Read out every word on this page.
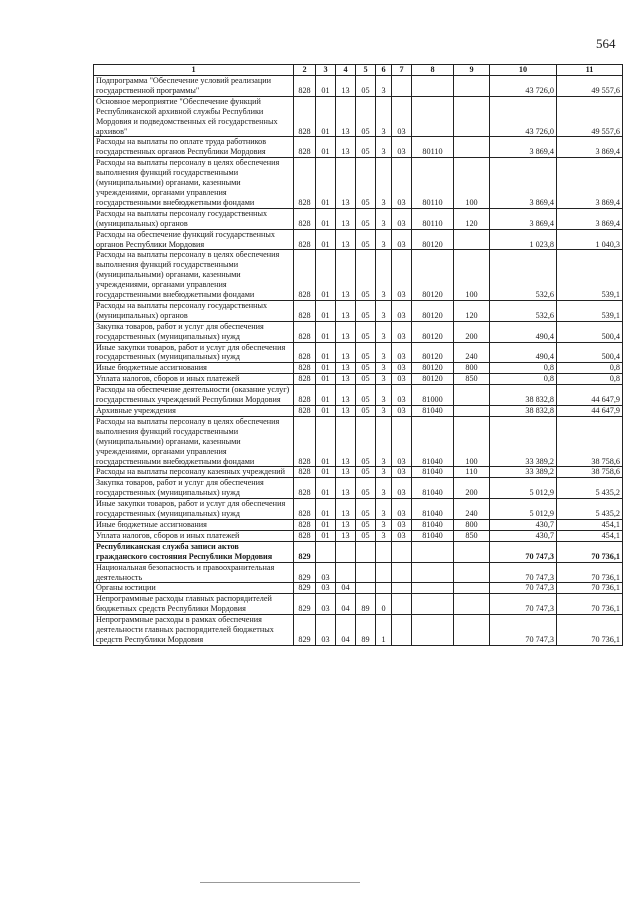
564
1	2	3	4	5	6	7	8	9	10	11
Подпрограмма "Обеспечение условий реализации государственной программы"	828	01	13	05	3				43 726,0	49 557,6
Основное мероприятие "Обеспечение функций Республиканской архивной службы Республики Мордовия и подведомственных ей государственных архивов"	828	01	13	05	3	03			43 726,0	49 557,6
Расходы на выплаты по оплате труда работников государственных органов Республики Мордовия	828	01	13	05	3	03	80110		3 869,4	3 869,4
Расходы на выплаты персоналу в целях обеспечения выполнения функций государственными (муниципальными) органами, казенными учреждениями, органами управления государственными внебюджетными фондами	828	01	13	05	3	03	80110	100	3 869,4	3 869,4
Расходы на выплаты персоналу государственных (муниципальных) органов	828	01	13	05	3	03	80110	120	3 869,4	3 869,4
Расходы на обеспечение функций государственных органов Республики Мордовия	828	01	13	05	3	03	80120		1 023,8	1 040,3
Расходы на выплаты персоналу в целях обеспечения выполнения функций государственными (муниципальными) органами, казенными учреждениями, органами управления государственными внебюджетными фондами	828	01	13	05	3	03	80120	100	532,6	539,1
Расходы на выплаты персоналу государственных (муниципальных) органов	828	01	13	05	3	03	80120	120	532,6	539,1
Закупка товаров, работ и услуг для обеспечения государственных (муниципальных) нужд	828	01	13	05	3	03	80120	200	490,4	500,4
Иные закупки товаров, работ и услуг для обеспечения государственных (муниципальных) нужд	828	01	13	05	3	03	80120	240	490,4	500,4
Иные бюджетные ассигнования	828	01	13	05	3	03	80120	800	0,8	0,8
Уплата налогов, сборов и иных платежей	828	01	13	05	3	03	80120	850	0,8	0,8
Расходы на обеспечение деятельности (оказание услуг) государственных учреждений Республики Мордовия	828	01	13	05	3	03	81000		38 832,8	44 647,9
Архивные учреждения	828	01	13	05	3	03	81040		38 832,8	44 647,9
Расходы на выплаты персоналу в целях обеспечения выполнения функций государственными (муниципальными) органами, казенными учреждениями, органами управления государственными внебюджетными фондами	828	01	13	05	3	03	81040	100	33 389,2	38 758,6
Расходы на выплаты персоналу казенных учреждений	828	01	13	05	3	03	81040	110	33 389,2	38 758,6
Закупка товаров, работ и услуг для обеспечения государственных (муниципальных) нужд	828	01	13	05	3	03	81040	200	5 012,9	5 435,2
Иные закупки товаров, работ и услуг для обеспечения государственных (муниципальных) нужд	828	01	13	05	3	03	81040	240	5 012,9	5 435,2
Иные бюджетные ассигнования	828	01	13	05	3	03	81040	800	430,7	454,1
Уплата налогов, сборов и иных платежей	828	01	13	05	3	03	81040	850	430,7	454,1
Республиканская служба записи актов гражданского состояния Республики Мордовия	829								70 747,3	70 736,1
Национальная безопасность и правоохранительная деятельность	829	03							70 747,3	70 736,1
Органы юстиции	829	03	04						70 747,3	70 736,1
Непрограммные расходы главных распорядителей бюджетных средств Республики Мордовия	829	03	04	89	0				70 747,3	70 736,1
Непрограммные расходы в рамках обеспечения деятельности главных распорядителей бюджетных средств Республики Мордовия	829	03	04	89	1				70 747,3	70 736,1
